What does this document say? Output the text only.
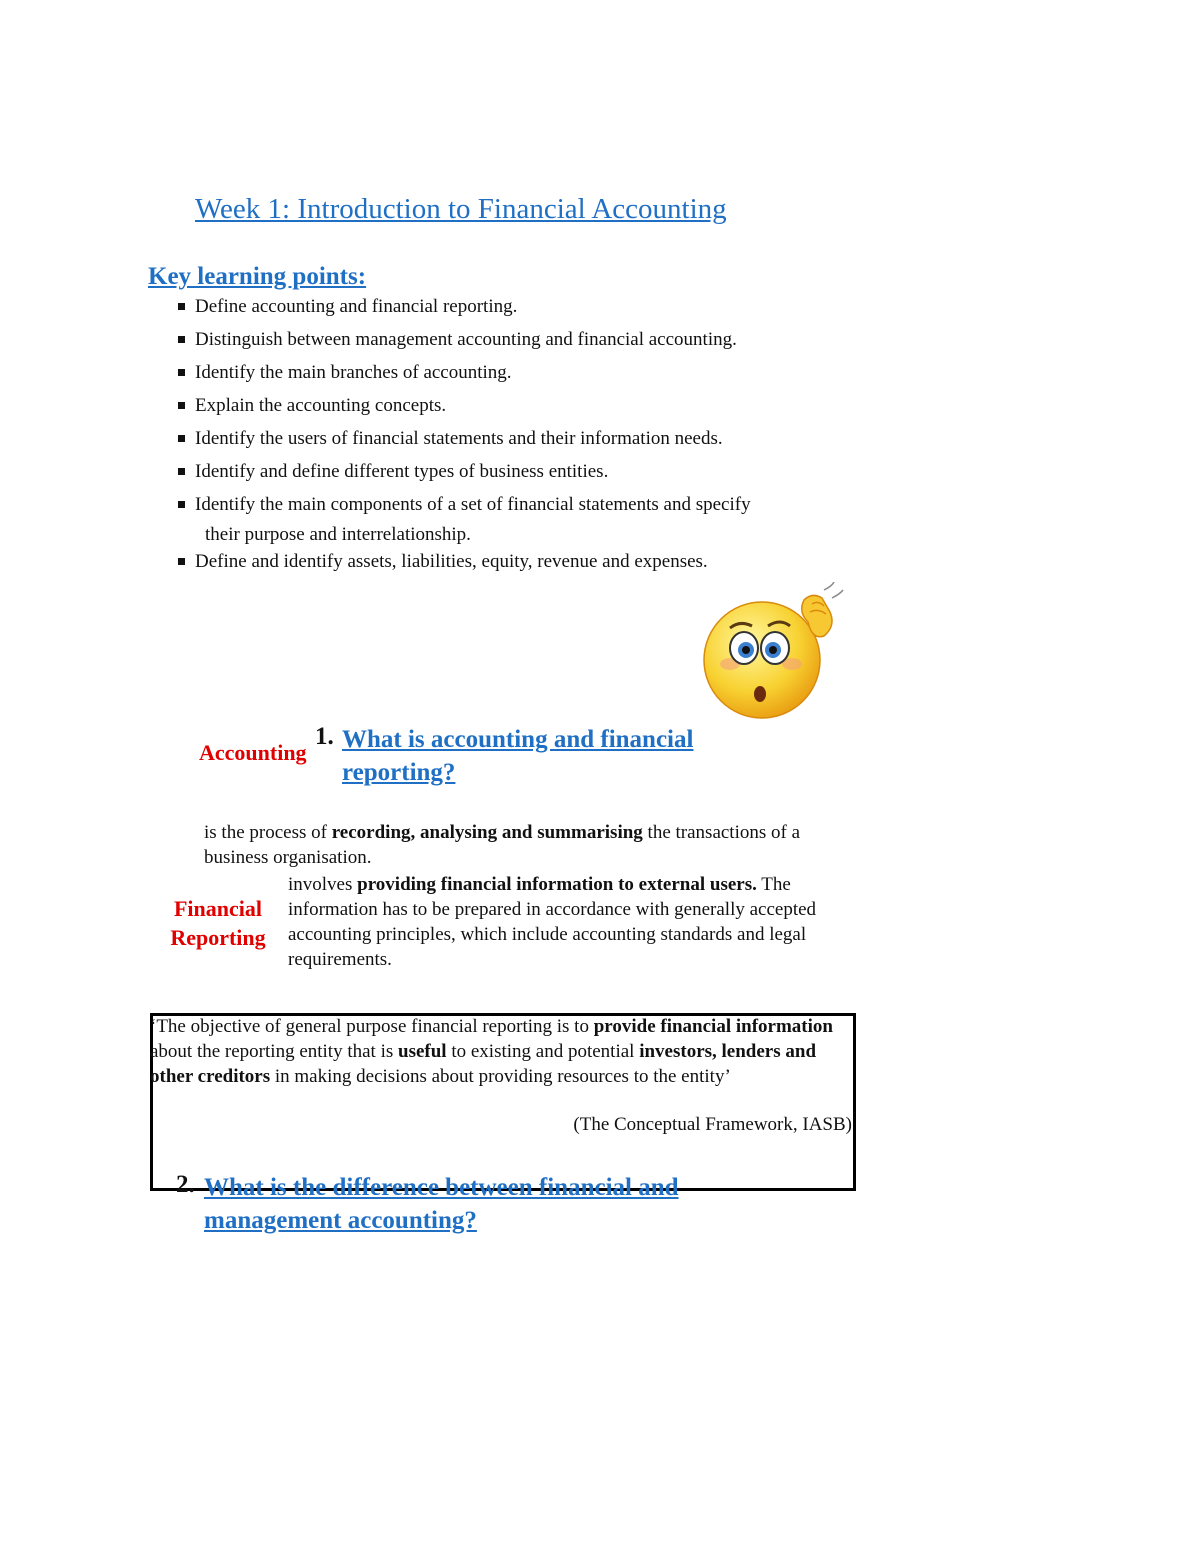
Week 1: Introduction to Financial Accounting
Key learning points:
Define accounting and financial reporting.
Distinguish between management accounting and financial accounting.
Identify the main branches of accounting.
Explain the accounting concepts.
Identify the users of financial statements and their information needs.
Identify and define different types of business entities.
Identify the main components of a set of financial statements and specify
their purpose and interrelationship.
Define and identify assets, liabilities, equity, revenue and expenses.
Accounting
1. What is accounting and financial reporting?
is the process of recording, analysing and summarising the transactions of a business organisation.
Financial
Reporting
involves providing financial information to external users. The information has to be prepared in accordance with generally accepted accounting principles, which include accounting standards and legal requirements.
‘The objective of general purpose financial reporting is to provide financial information about the reporting entity that is useful to existing and potential investors, lenders and other creditors in making decisions about providing resources to the entity’
(The Conceptual Framework, IASB)
2. What is the difference between financial and management accounting?
